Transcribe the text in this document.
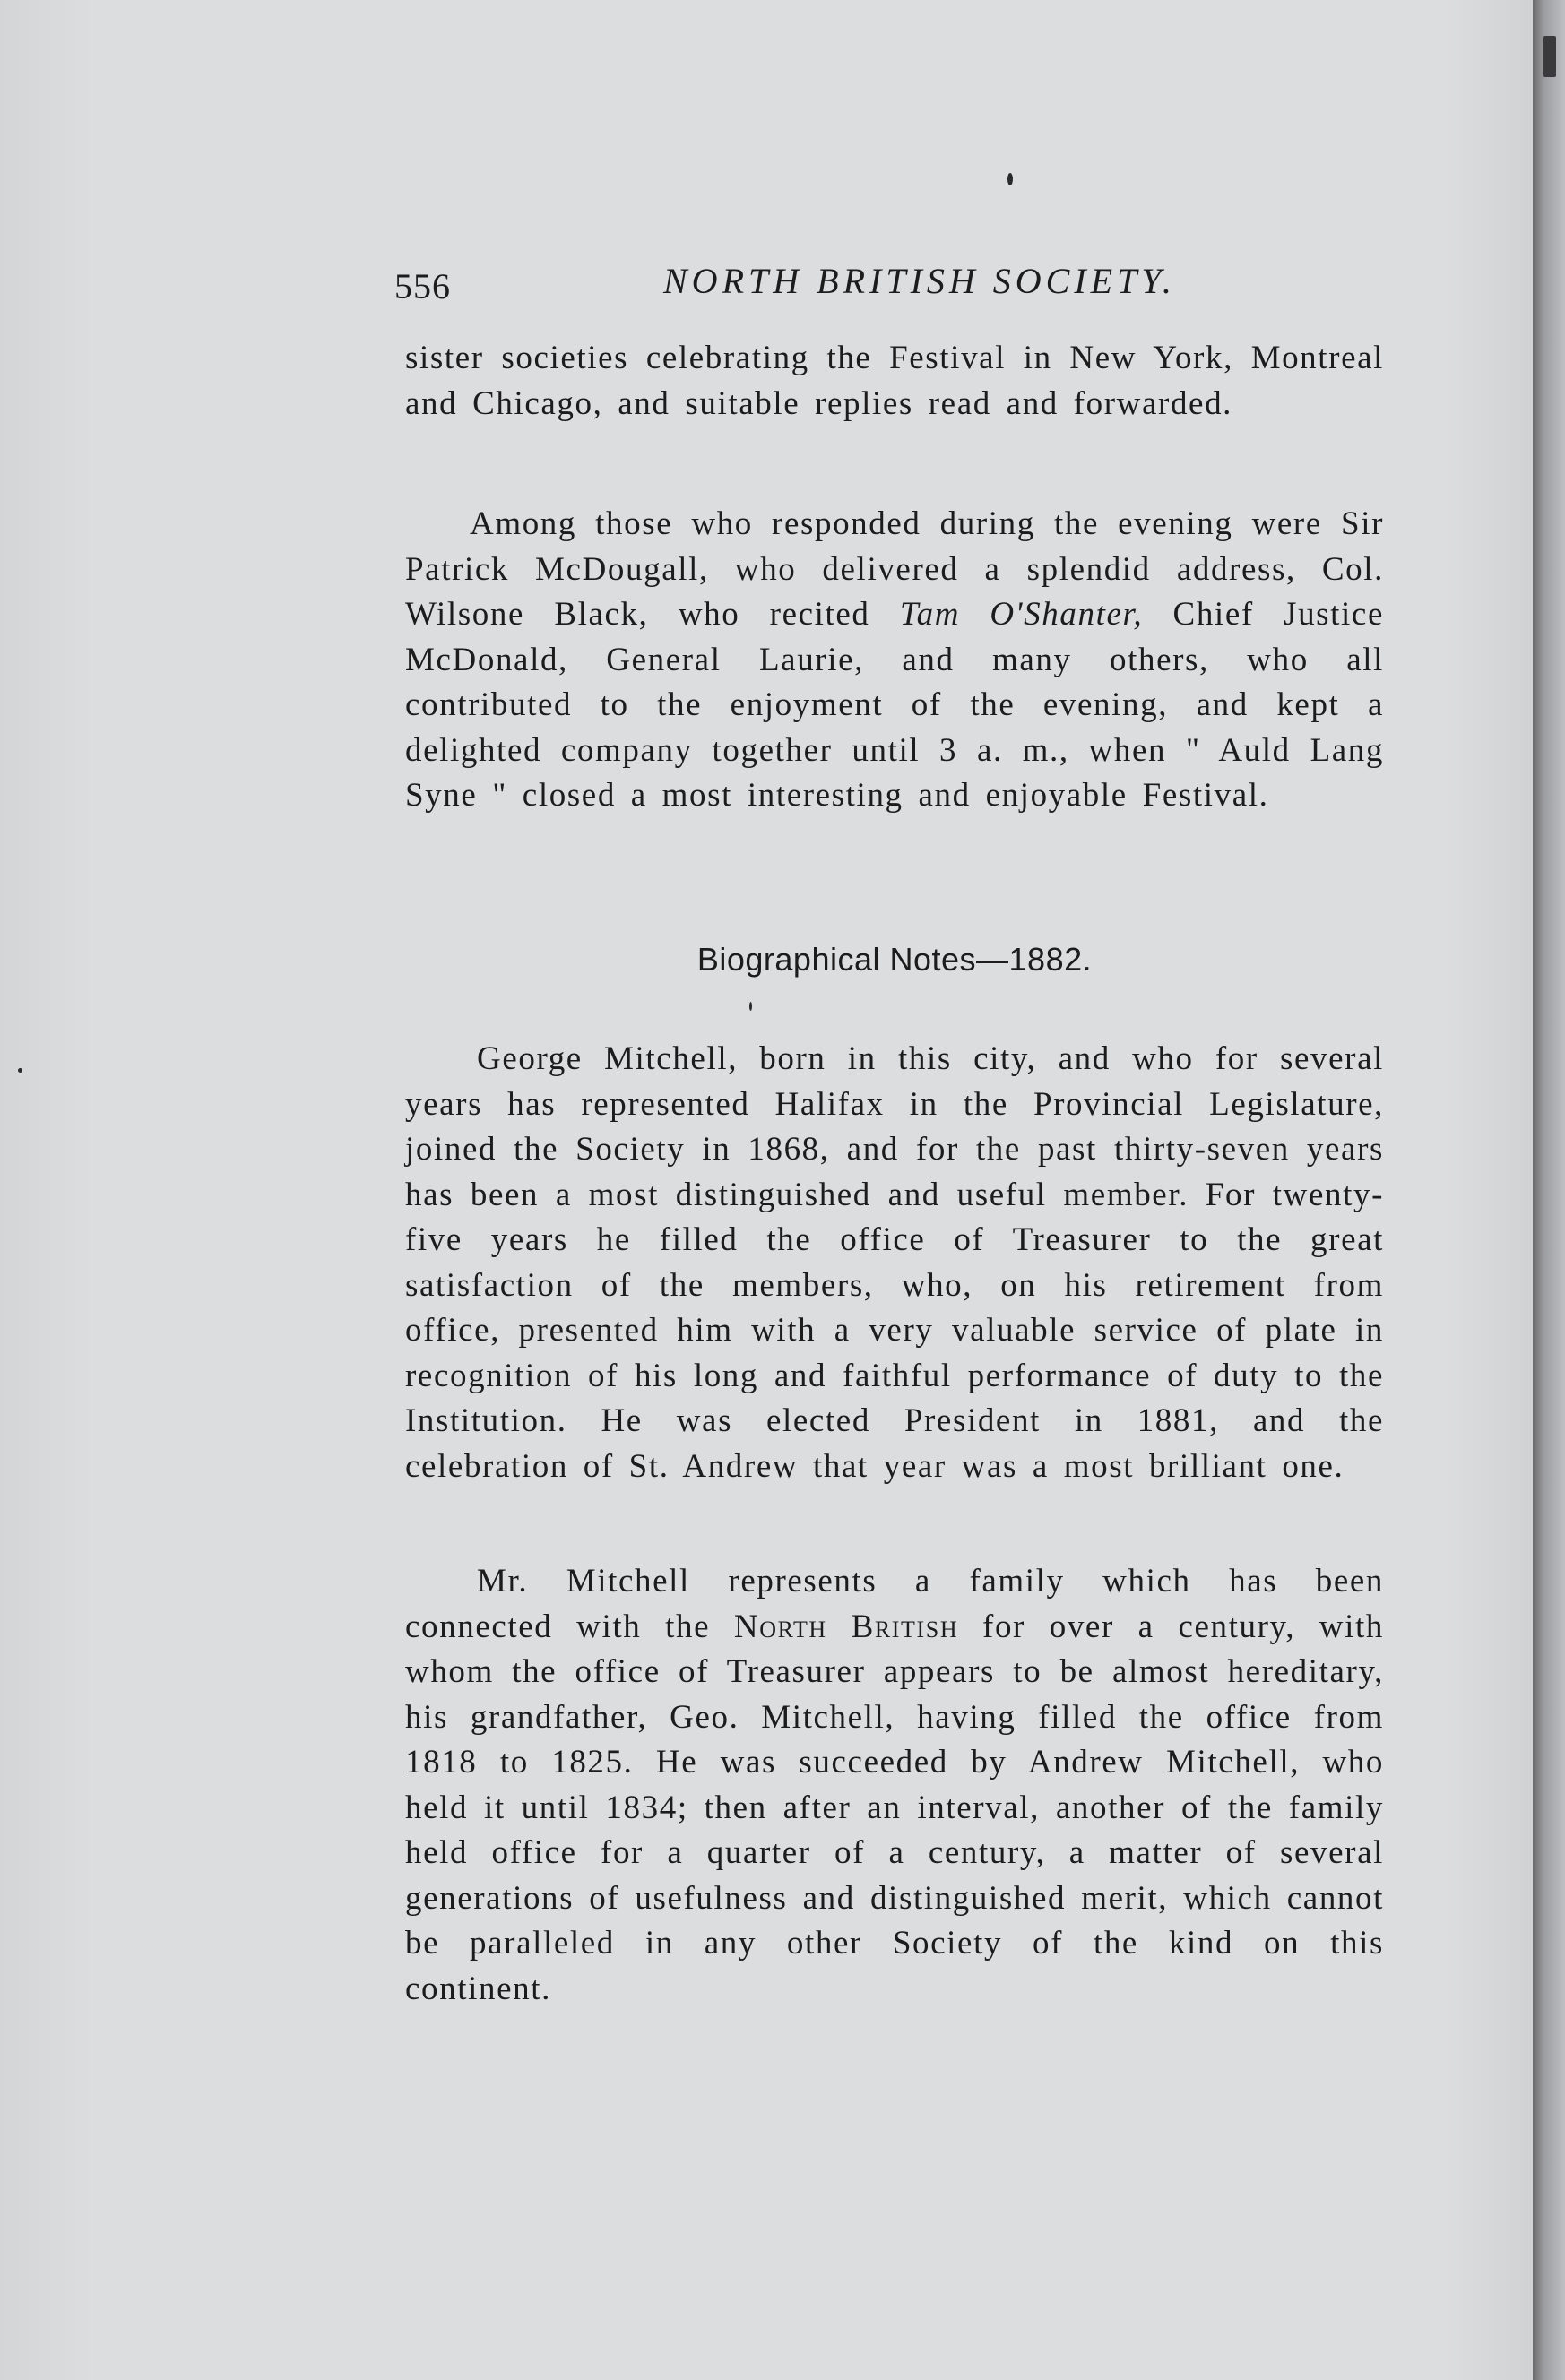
556	NORTH BRITISH SOCIETY.

sister societies celebrating the Festival in New York, Montreal and Chicago, and suitable replies read and forwarded.

Among those who responded during the evening were Sir Patrick McDougall, who delivered a splendid address, Col. Wilsone Black, who recited Tam O'Shanter, Chief Justice McDonald, General Laurie, and many others, who all contributed to the enjoyment of the evening, and kept a delighted company together until 3 a. m., when " Auld Lang Syne " closed a most interesting and enjoyable Festival.

Biographical Notes—1882.

George Mitchell, born in this city, and who for several years has represented Halifax in the Provincial Legislature, joined the Society in 1868, and for the past thirty-seven years has been a most distinguished and useful member. For twenty-five years he filled the office of Treasurer to the great satisfaction of the members, who, on his retirement from office, presented him with a very valuable service of plate in recognition of his long and faithful performance of duty to the Institution. He was elected President in 1881, and the celebration of St. Andrew that year was a most brilliant one.

Mr. Mitchell represents a family which has been connected with the North British for over a century, with whom the office of Treasurer appears to be almost hereditary, his grandfather, Geo. Mitchell, having filled the office from 1818 to 1825. He was succeeded by Andrew Mitchell, who held it until 1834; then after an interval, another of the family held office for a quarter of a century, a matter of several generations of usefulness and distinguished merit, which cannot be paralleled in any other Society of the kind on this continent.
